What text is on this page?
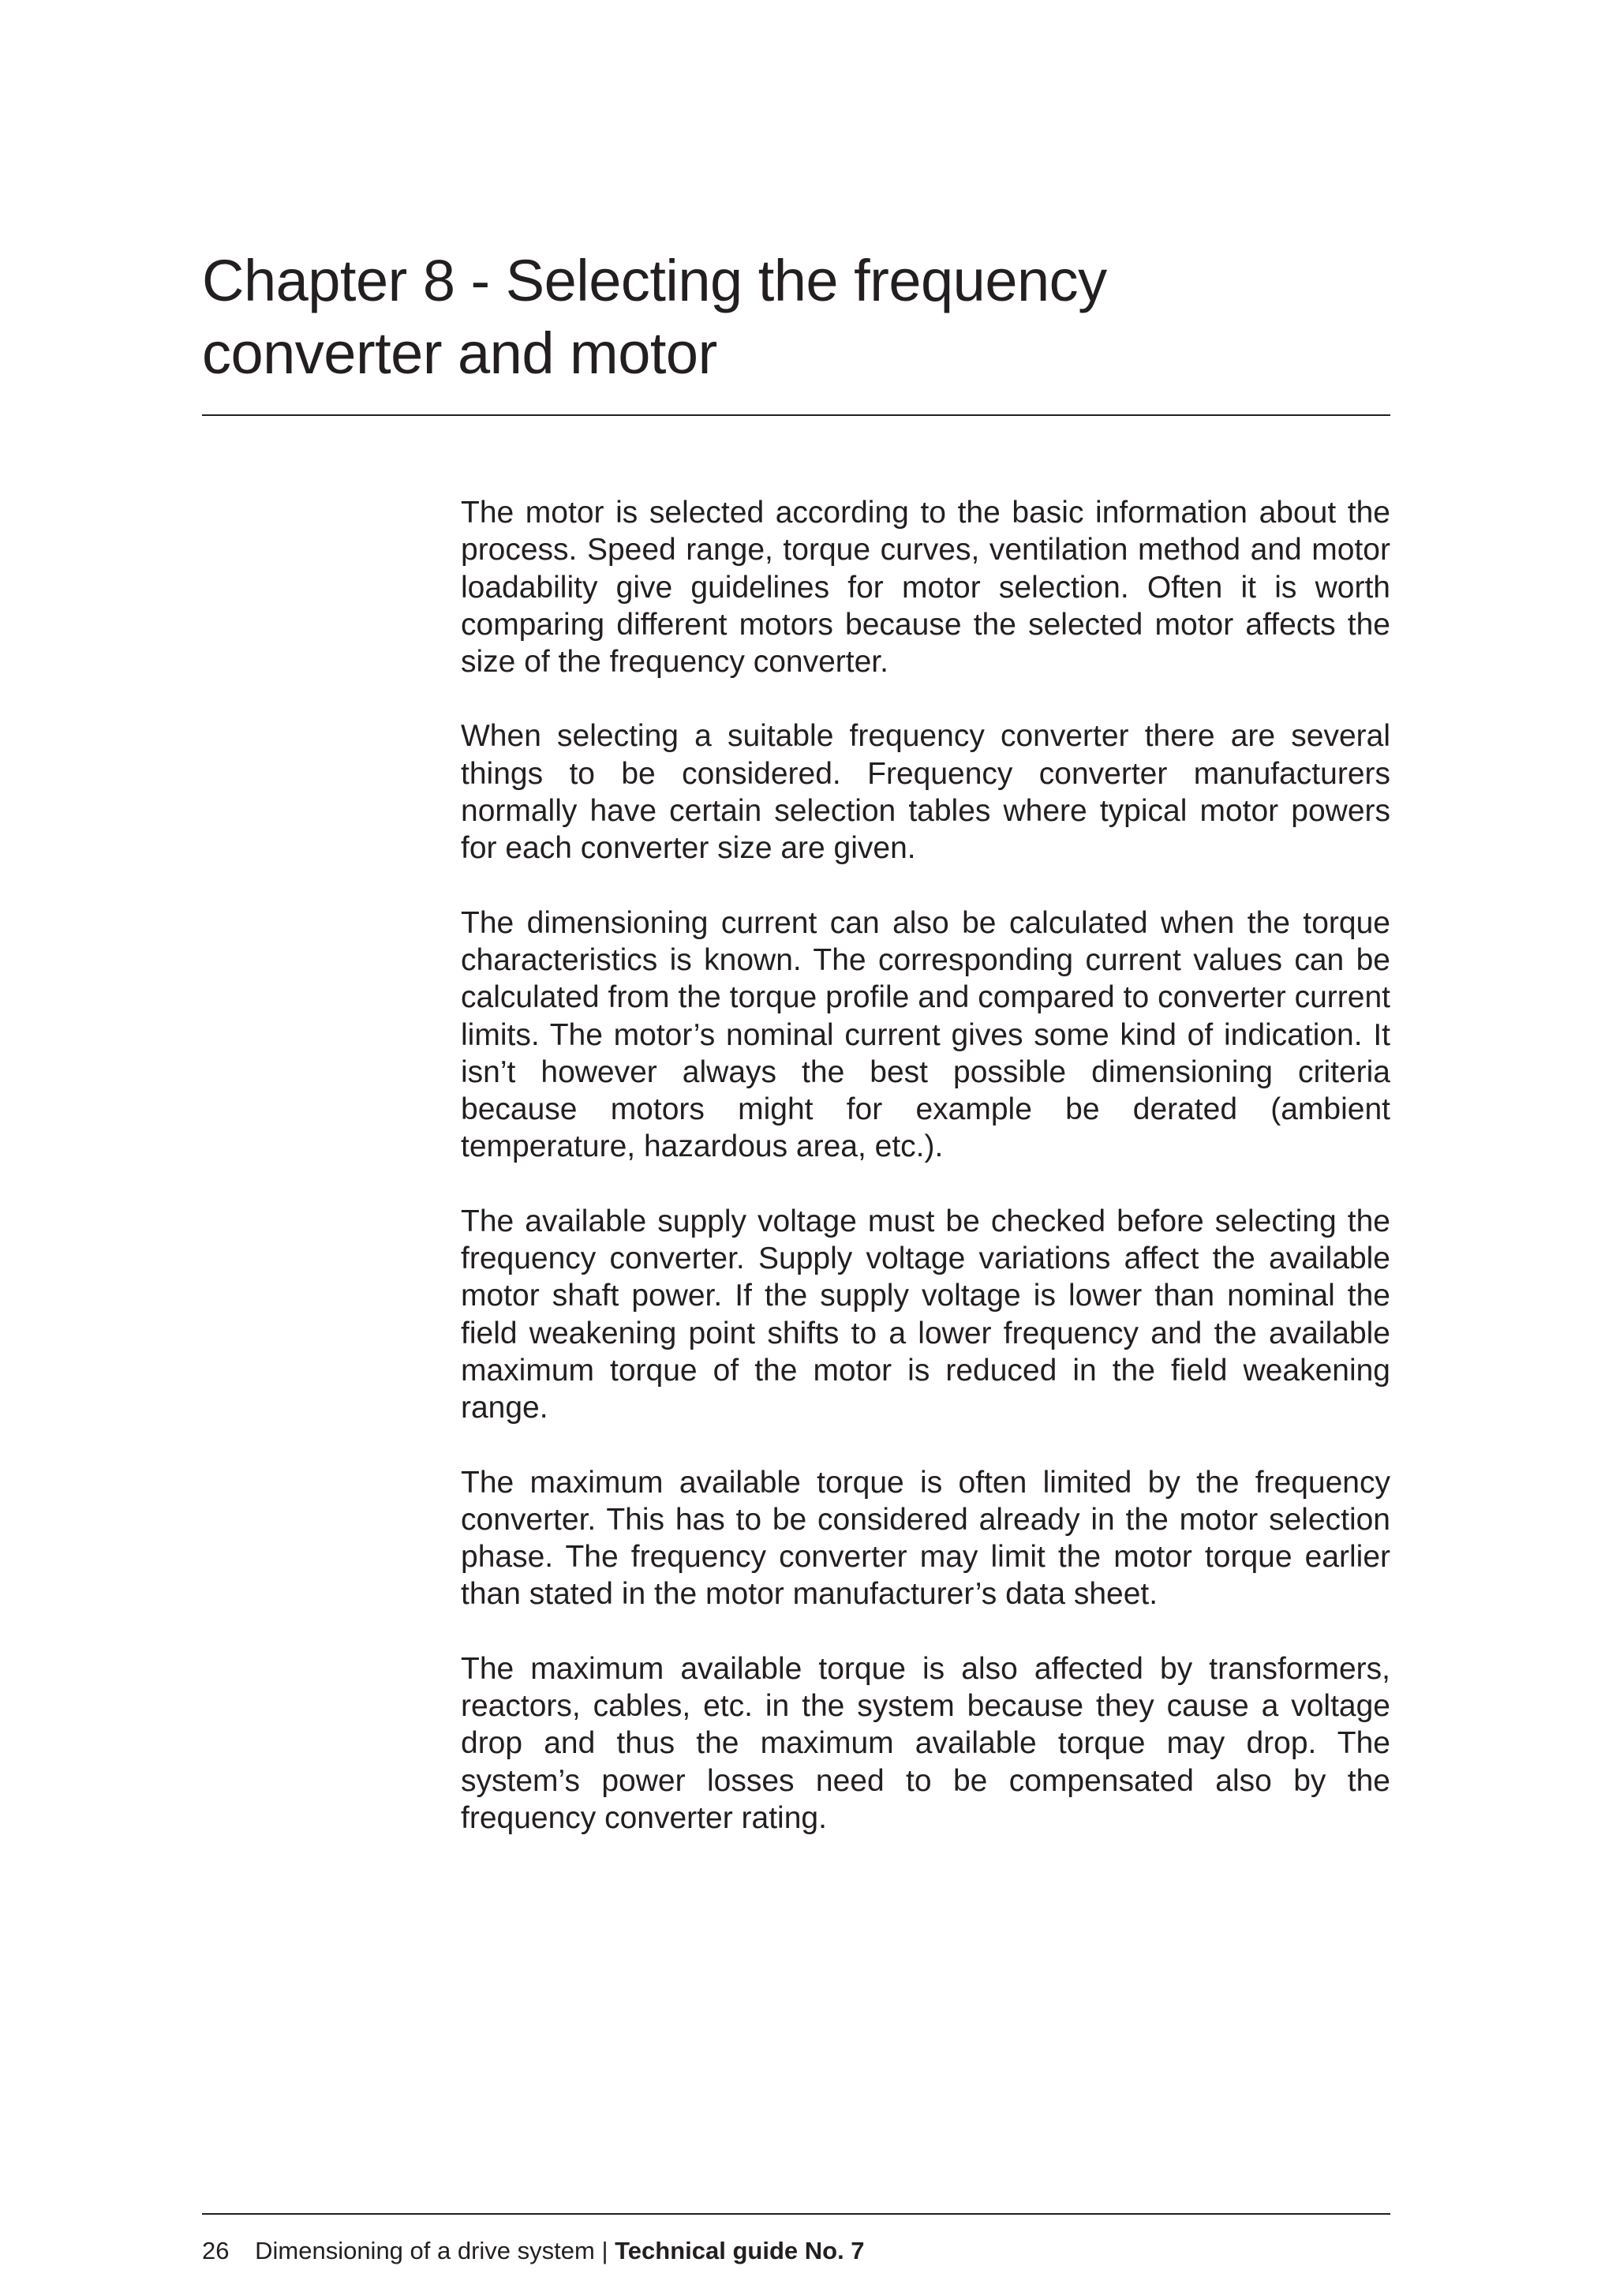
Chapter 8 - Selecting the frequency
converter and motor

The motor is selected according to the basic information about the process. Speed range, torque curves, ventilation method and motor loadability give guidelines for motor selection. Often it is worth comparing different motors because the selected motor affects the size of the frequency converter.

When selecting a suitable frequency converter there are several things to be considered. Frequency converter manufacturers normally have certain selection tables where typical motor powers for each converter size are given.

The dimensioning current can also be calculated when the torque characteristics is known. The corresponding current values can be calculated from the torque profile and compared to converter current limits. The motor’s nominal current gives some kind of indication. It isn’t however always the best possible dimensioning criteria because motors might for example be derated (ambient temperature, hazardous area, etc.).

The available supply voltage must be checked before selecting the frequency converter. Supply voltage variations affect the available motor shaft power. If the supply voltage is lower than nominal the field weakening point shifts to a lower frequency and the available maximum torque of the motor is reduced in the field weakening range.

The maximum available torque is often limited by the frequency converter. This has to be considered already in the motor selection phase. The frequency converter may limit the motor torque earlier than stated in the motor manufacturer’s data sheet.

The maximum available torque is also affected by transformers, reactors, cables, etc. in the system because they cause a voltage drop and thus the maximum available torque may drop. The system’s power losses need to be compensated also by the frequency converter rating.

26 Dimensioning of a drive system | Technical guide No. 7
